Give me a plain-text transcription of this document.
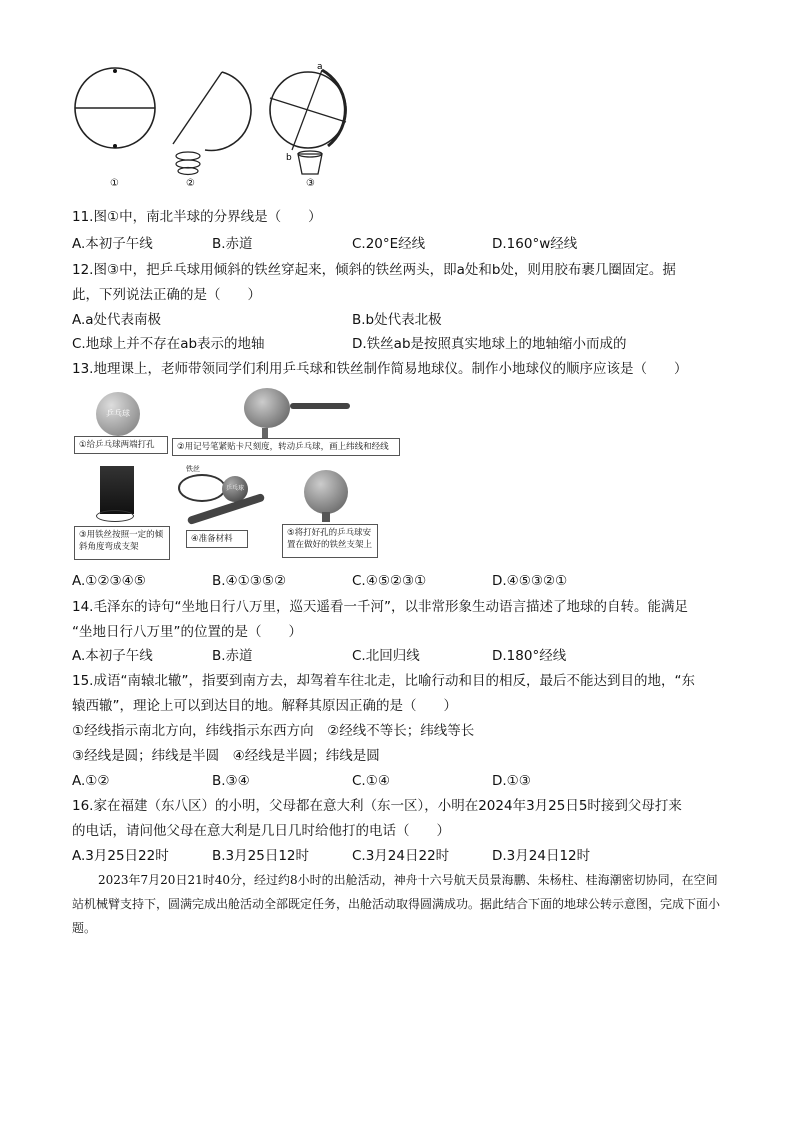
a
b
①	②	③
11.图①中，南北半球的分界线是（　　）
A.本初子午线	B.赤道	C.20°E经线	D.160°w经线
12.图③中，把乒乓球用倾斜的铁丝穿起来，倾斜的铁丝两头，即a处和b处，则用胶布裹几圈固定。据
此，下列说法正确的是（　　）
A.a处代表南极	B.b处代表北极
C.地球上并不存在ab表示的地轴	D.铁丝ab是按照真实地球上的地轴缩小而成的
13.地理课上，老师带领同学们利用乒乓球和铁丝制作简易地球仪。制作小地球仪的顺序应该是（　　）
乒乓球
①给乒乓球两端打孔	②用记号笔紧贴卡尺刻度，转动乒乓球，画上纬线和经线
③用铁丝按照一定的倾斜角度弯成支架
铁丝
乒乓球
④准备材料
⑤将打好孔的乒乓球安置在做好的铁丝支架上
A.①②③④⑤	B.④①③⑤②	C.④⑤②③①	D.④⑤③②①
14.毛泽东的诗句“坐地日行八万里，巡天遥看一千河”，以非常形象生动语言描述了地球的自转。能满足
“坐地日行八万里”的位置的是（　　）
A.本初子午线	B.赤道	C.北回归线	D.180°经线
15.成语“南辕北辙”，指要到南方去，却驾着车往北走，比喻行动和目的相反，最后不能达到目的地，“东
辕西辙”，理论上可以到达目的地。解释其原因正确的是（　　）
①经线指示南北方向，纬线指示东西方向　②经线不等长；纬线等长
③经线是圆；纬线是半圆　④经线是半圆；纬线是圆
A.①②	B.③④	C.①④	D.①③
16.家在福建（东八区）的小明，父母都在意大利（东一区），小明在2024年3月25日5时接到父母打来
的电话，请问他父母在意大利是几日几时给他打的电话（　　）
A.3月25日22时	B.3月25日12时	C.3月24日22时	D.3月24日12时
2023年7月20日21时40分，经过约8小时的出舱活动，神舟十六号航天员景海鹏、朱杨柱、桂海潮密切协同，在空间站机械臂支持下，圆满完成出舱活动全部既定任务，出舱活动取得圆满成功。据此结合下面的地球公转示意图，完成下面小题。
